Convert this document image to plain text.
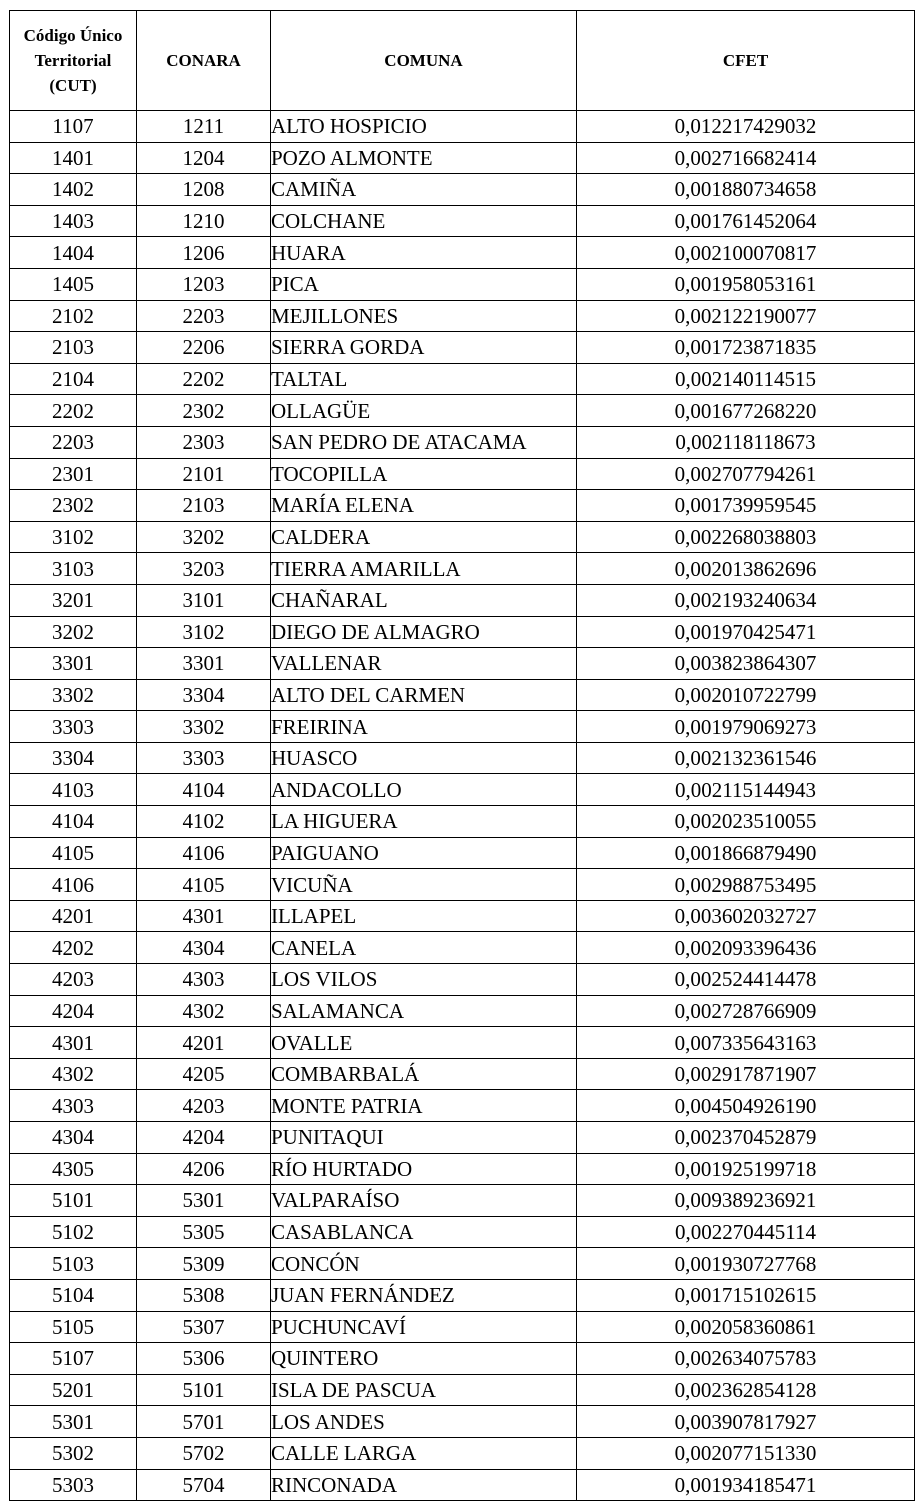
Código Único Territorial (CUT)	CONARA	COMUNA	CFET
1107	1211	ALTO HOSPICIO	0,012217429032
1401	1204	POZO ALMONTE	0,002716682414
1402	1208	CAMIÑA	0,001880734658
1403	1210	COLCHANE	0,001761452064
1404	1206	HUARA	0,002100070817
1405	1203	PICA	0,001958053161
2102	2203	MEJILLONES	0,002122190077
2103	2206	SIERRA GORDA	0,001723871835
2104	2202	TALTAL	0,002140114515
2202	2302	OLLAGÜE	0,001677268220
2203	2303	SAN PEDRO DE ATACAMA	0,002118118673
2301	2101	TOCOPILLA	0,002707794261
2302	2103	MARÍA ELENA	0,001739959545
3102	3202	CALDERA	0,002268038803
3103	3203	TIERRA AMARILLA	0,002013862696
3201	3101	CHAÑARAL	0,002193240634
3202	3102	DIEGO DE ALMAGRO	0,001970425471
3301	3301	VALLENAR	0,003823864307
3302	3304	ALTO DEL CARMEN	0,002010722799
3303	3302	FREIRINA	0,001979069273
3304	3303	HUASCO	0,002132361546
4103	4104	ANDACOLLO	0,002115144943
4104	4102	LA HIGUERA	0,002023510055
4105	4106	PAIGUANO	0,001866879490
4106	4105	VICUÑA	0,002988753495
4201	4301	ILLAPEL	0,003602032727
4202	4304	CANELA	0,002093396436
4203	4303	LOS VILOS	0,002524414478
4204	4302	SALAMANCA	0,002728766909
4301	4201	OVALLE	0,007335643163
4302	4205	COMBARBALÁ	0,002917871907
4303	4203	MONTE PATRIA	0,004504926190
4304	4204	PUNITAQUI	0,002370452879
4305	4206	RÍO HURTADO	0,001925199718
5101	5301	VALPARAÍSO	0,009389236921
5102	5305	CASABLANCA	0,002270445114
5103	5309	CONCÓN	0,001930727768
5104	5308	JUAN FERNÁNDEZ	0,001715102615
5105	5307	PUCHUNCAVÍ	0,002058360861
5107	5306	QUINTERO	0,002634075783
5201	5101	ISLA DE PASCUA	0,002362854128
5301	5701	LOS ANDES	0,003907817927
5302	5702	CALLE LARGA	0,002077151330
5303	5704	RINCONADA	0,001934185471
